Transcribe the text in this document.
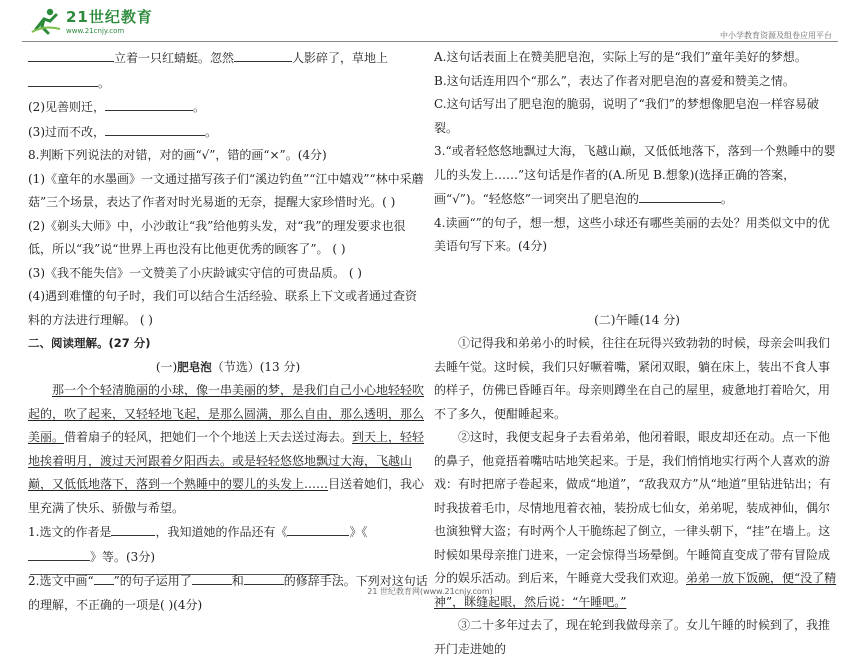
21世纪教育
www.21cnjy.com	中小学教育资源及组卷应用平台

立着一只红蜻蜓。忽然	人影碎了，草地上。

(2)见善则迁，	。

(3)过而不改，	。

8.判断下列说法的对错，对的画“√”，错的画“×”。(4分)

(1)《童年的水墨画》一文通过描写孩子们“溪边钓鱼”“江中嬉戏”“林中采蘑菇”三个场景，表达了作者对时光易逝的无奈，提醒大家珍惜时光。( )

(2)《剃头大师》中，小沙敢让“我”给他剪头发，对“我”的理发要求也很低，所以“我”说“世界上再也没有比他更优秀的顾客了”。 ( )

(3)《我不能失信》一文赞美了小庆龄诚实守信的可贵品质。 ( )

(4)遇到难懂的句子时，我们可以结合生活经验、联系上下文或者通过查资料的方法进行理解。 ( )

二、阅读理解。(27 分)

(一)肥皂泡（节选）(13 分)

那一个个轻清脆丽的小球，像一串美丽的梦，是我们自己小心地轻轻吹起的，吹了起来，又轻轻地飞起，是那么圆满，那么自由，那么透明，那么美丽。借着扇子的轻风，把她们一个个地送上天去送过海去。到天上，轻轻地挨着明月，渡过天河跟着夕阳西去。或是轻轻悠悠地飘过大海，飞越山巅，又低低地落下，落到一个熟睡中的婴儿的头发上……目送着她们，我心里充满了快乐、骄傲与希望。

1.选文的作者是	，我知道她的作品还有《	》《》等。(3分)

2.选文中画“ ”的句子运用了	和	的修辞手法。下列对这句话的理解，不正确的一项是( )(4分)

A.这句话表面上在赞美肥皂泡，实际上写的是“我们”童年美好的梦想。

B.这句话连用四个“那么”，表达了作者对肥皂泡的喜爱和赞美之情。

C.这句话写出了肥皂泡的脆弱，说明了“我们”的梦想像肥皂泡一样容易破裂。

3.“或者轻悠悠地飘过大海，飞越山巅，又低低地落下，落到一个熟睡中的婴儿的头发上……”这句话是作者的(A.所见 B.想象)(选择正确的答案，画“√”)。“轻悠悠”一词突出了肥皂泡的	。

4.读画“”的句子，想一想，这些小球还有哪些美丽的去处？用类似文中的优美语句写下来。(4分)

(二)午睡(14 分)

①记得我和弟弟小的时候，往往在玩得兴致勃勃的时候，母亲会叫我们去睡午觉。这时候，我们只好噘着嘴，紧闭双眼，躺在床上，装出不食人事的样子，仿佛已昏睡百年。母亲则蹲坐在自己的屋里，疲惫地打着哈欠，用不了多久，便酣睡起来。

②这时，我便支起身子去看弟弟，他闭着眼，眼皮却还在动。点一下他的鼻子，他竟捂着嘴咕咕地笑起来。于是，我们悄悄地实行两个人喜欢的游戏：有时把席子卷起来，做成“地道”，“敌我双方”从“地道”里钻进钻出；有时我拔着毛巾，尽情地甩着衣袖，装扮成七仙女，弟弟呢，装成神仙，偶尔也演独臂大盗；有时两个人干脆练起了倒立，一律头朝下，“挂”在墙上。这时候如果母亲推门进来，一定会惊得当场晕倒。午睡简直变成了带有冒险成分的娱乐活动。到后来，午睡竟大受我们欢迎。弟弟一放下饭碗，便“没了精神”，眯缝起眼，然后说：“午睡吧。”

③二十多年过去了，现在轮到我做母亲了。女儿午睡的时候到了，我推开门走进她的

21 世纪教育网(www.21cnjy.com)
